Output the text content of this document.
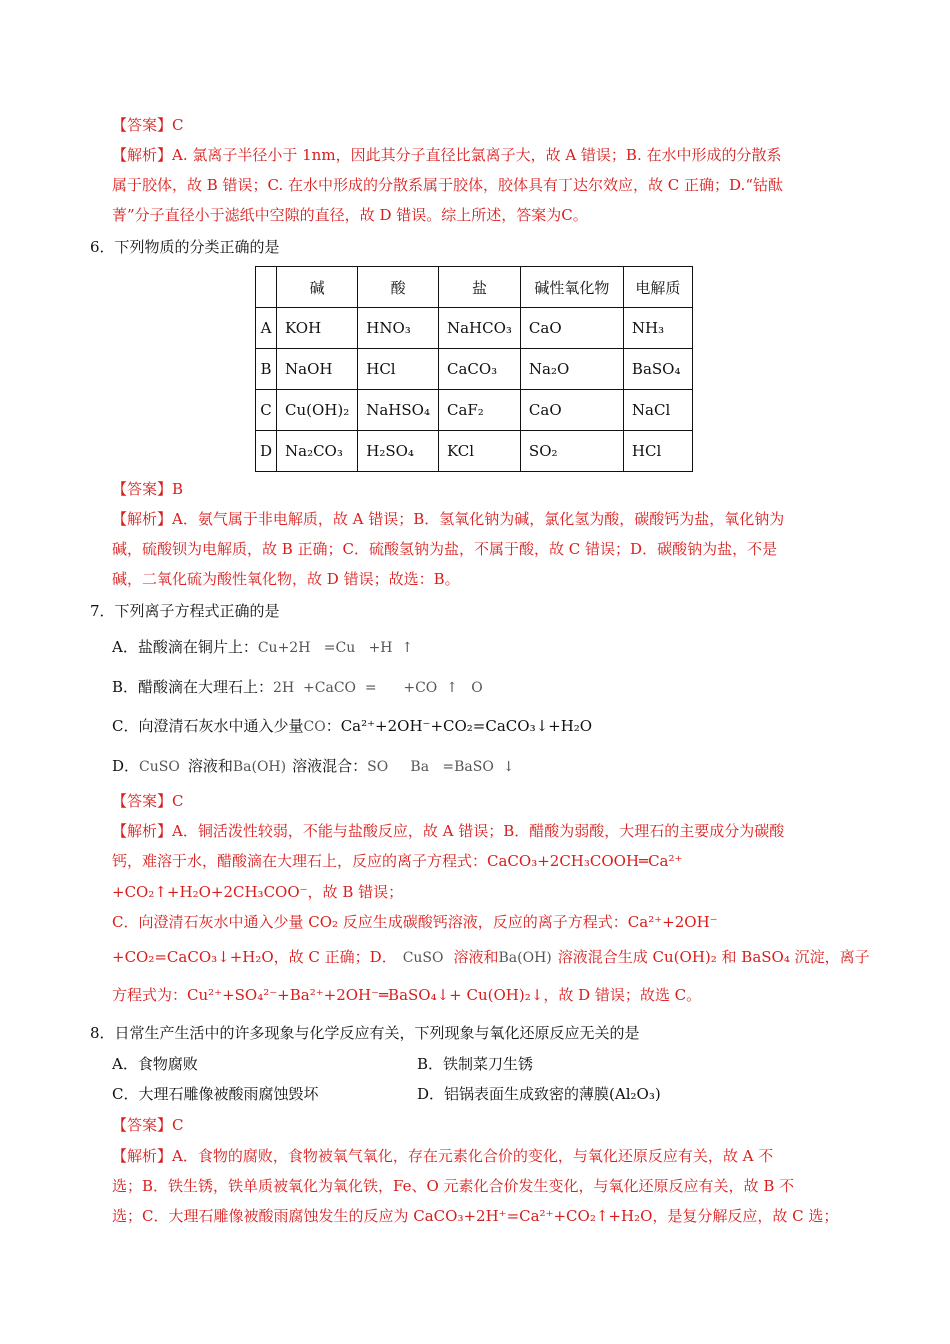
【答案】C
【解析】A. 氯离子半径小于 1nm，因此其分子直径比氯离子大，故 A 错误；B. 在水中形成的分散系
属于胶体，故 B 错误；C. 在水中形成的分散系属于胶体，胶体具有丁达尔效应，故 C 正确；D.“钴酞
菁”分子直径小于滤纸中空隙的直径，故 D 错误。综上所述，答案为C。
6．下列物质的分类正确的是
	碱	酸	盐	碱性氧化物	电解质
A	KOH	HNO₃	NaHCO₃	CaO	NH₃
B	NaOH	HCl	CaCO₃	Na₂O	BaSO₄
C	Cu(OH)₂	NaHSO₄	CaF₂	CaO	NaCl
D	Na₂CO₃	H₂SO₄	KCl	SO₂	HCl
【答案】B
【解析】A．氨气属于非电解质，故 A 错误；B．氢氧化钠为碱，氯化氢为酸，碳酸钙为盐，氧化钠为
碱，硫酸钡为电解质，故 B 正确；C．硫酸氢钠为盐，不属于酸，故 C 错误；D．碳酸钠为盐，不是
碱，二氧化硫为酸性氧化物，故 D 错误；故选：B。
7．下列离子方程式正确的是
A．盐酸滴在铜片上：Cu+2H   =Cu   +H  ↑
B．醋酸滴在大理石上：2H  +CaCO  =      +CO  ↑   O
C．向澄清石灰水中通入少量CO：Ca²⁺+2OH⁻+CO₂=CaCO₃↓+H₂O
D．CuSO 溶液和Ba(OH) 溶液混合：SO     Ba   =BaSO  ↓
【答案】C
【解析】A．铜活泼性较弱，不能与盐酸反应，故 A 错误；B．醋酸为弱酸，大理石的主要成分为碳酸
钙，难溶于水，醋酸滴在大理石上，反应的离子方程式：CaCO₃+2CH₃COOH═Ca²⁺
+CO₂↑+H₂O+2CH₃COO⁻，故 B 错误；
C．向澄清石灰水中通入少量 CO₂ 反应生成碳酸钙溶液，反应的离子方程式：Ca²⁺+2OH⁻
+CO₂=CaCO₃↓+H₂O，故 C 正确；D． CuSO 溶液和Ba(OH) 溶液混合生成 Cu(OH)₂ 和 BaSO₄ 沉淀，离子
方程式为：Cu²⁺+SO₄²⁻+Ba²⁺+2OH⁻═BaSO₄↓+ Cu(OH)₂↓，故 D 错误；故选 C。
8．日常生产生活中的许多现象与化学反应有关，下列现象与氧化还原反应无关的是
A．食物腐败	B．铁制菜刀生锈
C．大理石雕像被酸雨腐蚀毁坏	D．铝锅表面生成致密的薄膜(Al₂O₃)
【答案】C
【解析】A．食物的腐败，食物被氧气氧化，存在元素化合价的变化，与氧化还原反应有关，故 A 不
选；B．铁生锈，铁单质被氧化为氧化铁，Fe、O 元素化合价发生变化，与氧化还原反应有关，故 B 不
选；C．大理石雕像被酸雨腐蚀发生的反应为 CaCO₃+2H⁺=Ca²⁺+CO₂↑+H₂O，是复分解反应，故 C 选；
